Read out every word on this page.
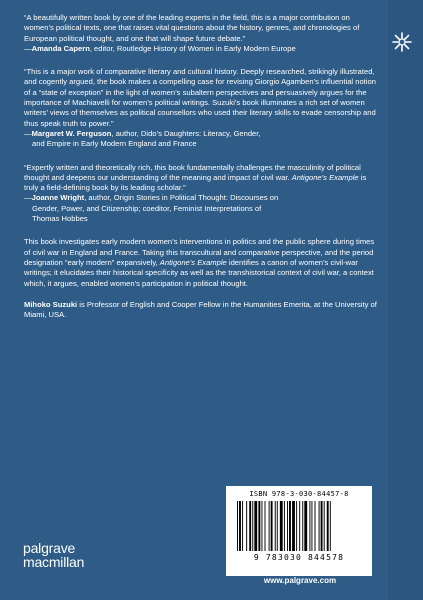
“A beautifully written book by one of the leading experts in the field, this is a major contribution on women’s political texts, one that raises vital questions about the history, genres, and chronologies of European political thought, and one that will shape future debate.”

—Amanda Capern, editor, Routledge History of Women in Early Modern Europe

“This is a major work of comparative literary and cultural history. Deeply researched, strikingly illustrated, and cogently argued, the book makes a compelling case for revising Giorgio Agamben’s influential notion of a “state of exception” in the light of women’s subaltern perspectives and persuasively argues for the importance of Machiavelli for women’s political writings. Suzuki’s book illuminates a rich set of women writers’ views of themselves as political counsellors who used their literary skills to evade censorship and thus speak truth to power.”

—Margaret W. Ferguson, author, Dido’s Daughters: Literacy, Gender,
and Empire in Early Modern England and France

“Expertly written and theoretically rich, this book fundamentally challenges the masculinity of political thought and deepens our understanding of the meaning and impact of civil war. Antigone’s Example is truly a field-defining book by its leading scholar.”

—Joanne Wright, author, Origin Stories in Political Thought: Discourses on
Gender, Power, and Citizenship; coeditor, Feminist Interpretations of
Thomas Hobbes

This book investigates early modern women’s interventions in politics and the public sphere during times of civil war in England and France. Taking this transcultural and comparative perspective, and the period designation “early modern” expansively, Antigone’s Example identifies a canon of women’s civil-war writings; it elucidates their historical specificity as well as the transhistorical context of civil war, a context which, it argues, enabled women’s participation in political thought.

Mihoko Suzuki is Professor of English and Cooper Fellow in the Humanities Emerita, at the University of Miami, USA.

ISBN 978-3-030-84457-8
9 783030 844578
www.palgrave.com
palgrave
macmillan
